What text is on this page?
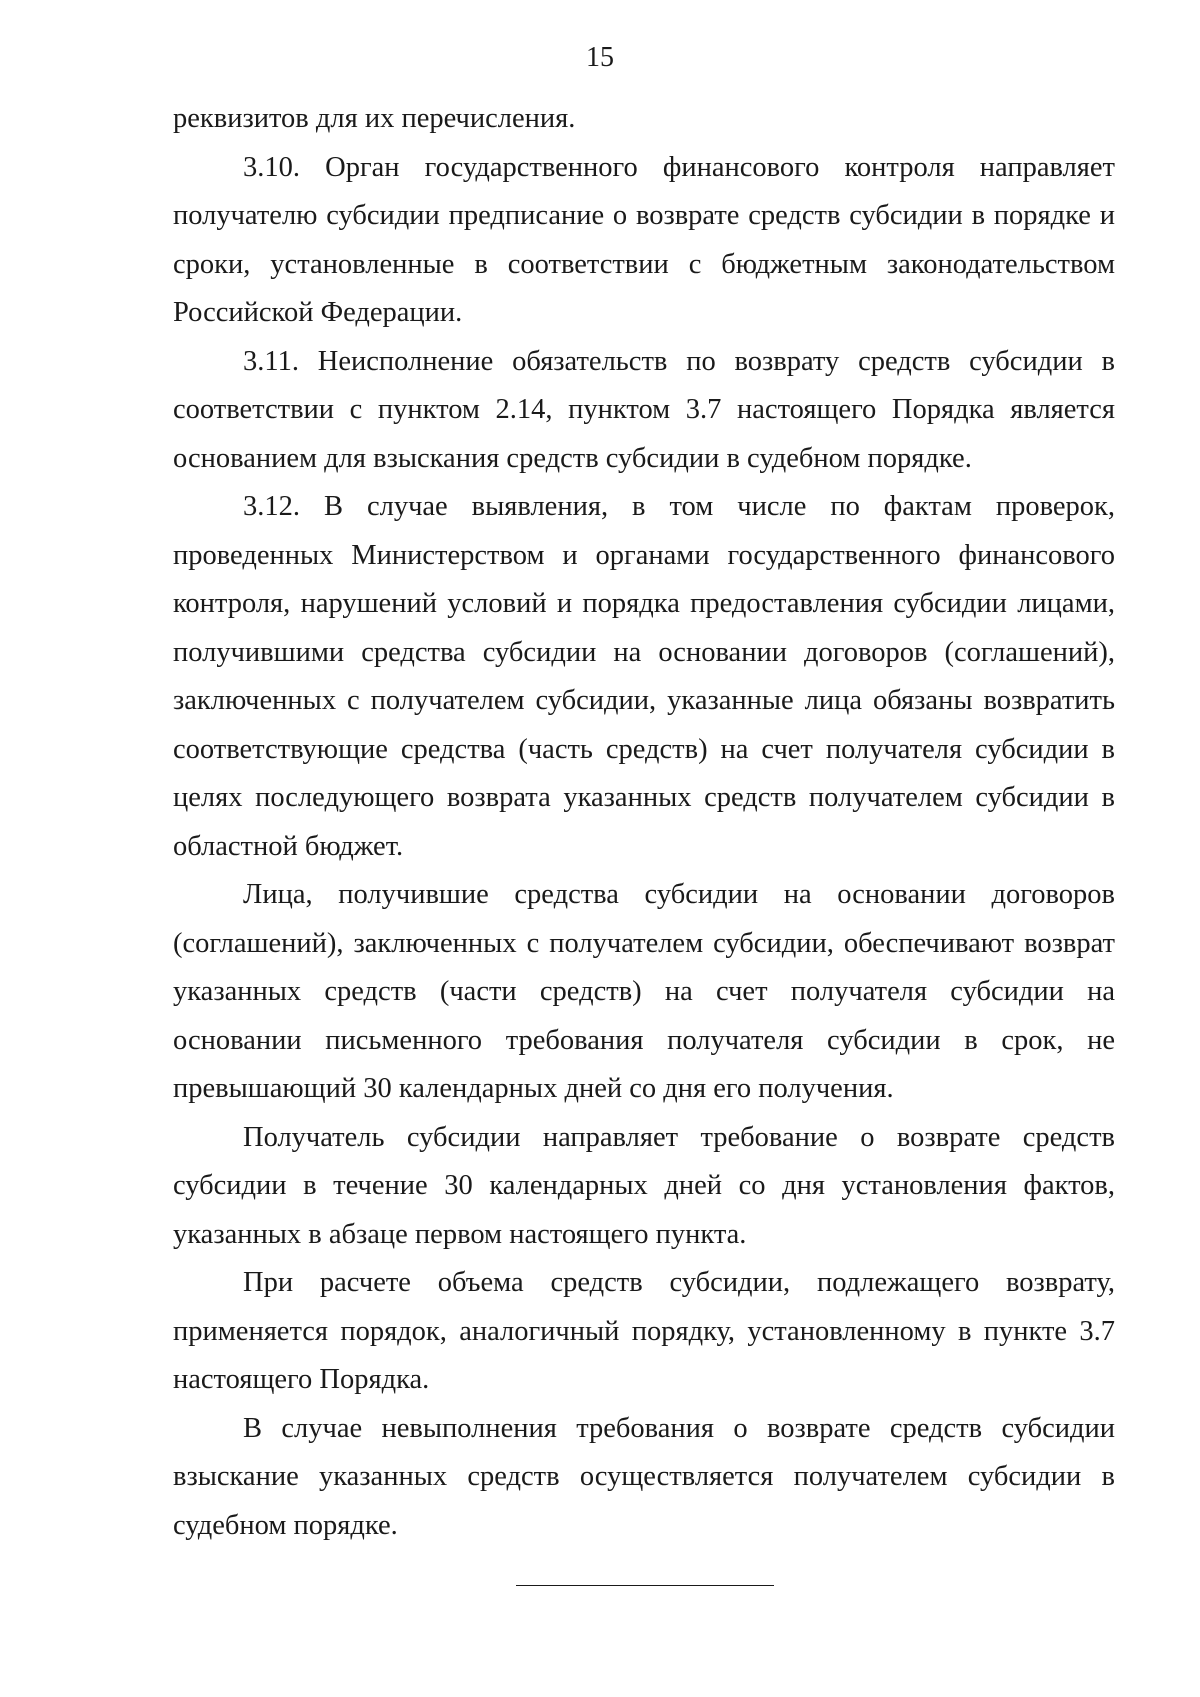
15

реквизитов для их перечисления.

3.10. Орган государственного финансового контроля направляет получателю субсидии предписание о возврате средств субсидии в порядке и сроки, установленные в соответствии с бюджетным законодательством Российской Федерации.

3.11. Неисполнение обязательств по возврату средств субсидии в соответствии с пунктом 2.14, пунктом 3.7 настоящего Порядка является основанием для взыскания средств субсидии в судебном порядке.

3.12. В случае выявления, в том числе по фактам проверок, проведенных Министерством и органами государственного финансового контроля, нарушений условий и порядка предоставления субсидии лицами, получившими средства субсидии на основании договоров (соглашений), заключенных с получателем субсидии, указанные лица обязаны возвратить соответствующие средства (часть средств) на счет получателя субсидии в целях последующего возврата указанных средств получателем субсидии в областной бюджет.

Лица, получившие средства субсидии на основании договоров (соглашений), заключенных с получателем субсидии, обеспечивают возврат указанных средств (части средств) на счет получателя субсидии на основании письменного требования получателя субсидии в срок, не превышающий 30 календарных дней со дня его получения.

Получатель субсидии направляет требование о возврате средств субсидии в течение 30 календарных дней со дня установления фактов, указанных в абзаце первом настоящего пункта.

При расчете объема средств субсидии, подлежащего возврату, применяется порядок, аналогичный порядку, установленному в пункте 3.7 настоящего Порядка.

В случае невыполнения требования о возврате средств субсидии взыскание указанных средств осуществляется получателем субсидии в судебном порядке.
